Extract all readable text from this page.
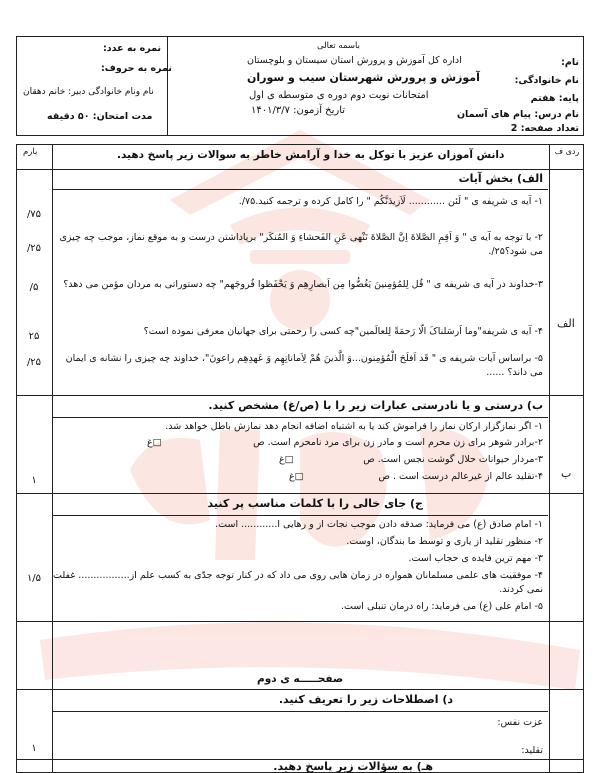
باسمه تعالی
اداره کل آموزش و پرورش استان سیستان و بلوچستان
آموزش و پرورش شهرستان سیب و سوران
امتحانات نوبت دوم دوره ی متوسطه ی اول
تاریخ آزمون: ۱۴۰۱/۳/۷
نام:
نام خانوادگی:
پایه: هفتم
نام درس: پیام های آسمان
تعداد صفحه: 2
نمره به عدد:
نمره به حروف:
نام ونام خانوادگی دبیر: خانم دهقان
مدت امتحان: ۵۰ دقیقه
ردی ف
دانش آموزان عزیز با توکل به خدا و آرامش خاطر به سوالات زیر پاسخ دهید.
بارم
الف) بخش آیات
الف
۱- آیه ی شریفه ی " لَئن ............ لَاَزیدَنَّکُم " را کامل کرده و ترجمه کنید.۷۵/.
/۷۵
۲- با توجه به آیه ی " وَ اَقِمِ الصَّلاةَ اِنَّ الصَّلاةَ تَنْهی عَنِ الفَحشاءِ وَ المُنکَر" برپاداشتن درست و به موقع نماز، موجب چه چیزی می شود؟۲۵/.
/۲۵
۳-خداوند در آیه ی شریفه ی " قُل لِلمُؤمِنینَ یَغُضُّوا مِن اَبصارِهِم وَ یَحْفَظوا فُروجَهم" چه دستوراتی به مردان مؤمن می دهد؟
/۵
۴- آیه ی شریفه"وما اَرسَلناکَ الّا رَحمَةً لِلعالَمین"چه کسی را رحمتی برای جهانیان معرفی نموده است؟
۲۵
۵- براساس آیات شریفه ی " قَد اَفلَحَ الْمُؤمِنون...وَ الَّذینَ هُمْ لِاَماناتِهِم وَ عَهدِهِم راعونَ"، خداوند چه چیزی را نشانه ی ایمان می داند؟ ......
/۲۵
ب) درستی و یا نادرستی عبارات زیر را با (ص/غ) مشخص کنید.
ب
۱
۱- اگر نمازگزار ارکان نماز را فراموش کند یا به اشتباه اضافه انجام دهد نمازش باطل خواهد شد.
۲-برادر شوهر برای زن محرم است و مادر زن برای مرد نامحرم است. ص
□غ
۳-مردار حیوانات حلال گوشت نجس است. ص
□غ
۴-تقلید عالم از غیرعالم درست است . ص
□غ
ج) جای خالی را با کلمات مناسب پر کنید
۱/۵
۱- امام صادق (ع) می فرماید: صدقه دادن موجب نجات از و رهایی ا............ است.
۲- منظور تقلید از یاری و توسط ما بندگان، اوست.
۳- مهم ترین فایده ی حجاب است.
۴- موفقیت های علمی مسلمانان همواره در زمان هایی روی می داد که در کنار توجه جدّی به کسب علم از................. غفلت نمی کردند.
۵- امام علی (ع) می فرماید: راه درمان تنبلی است.
صفحـــــه ی دوم
د) اصطلاحات زیر را تعریف کنید.
عزت نفس:
تقلید:
۱
هـ) به سؤالات زیر پاسخ دهید.
